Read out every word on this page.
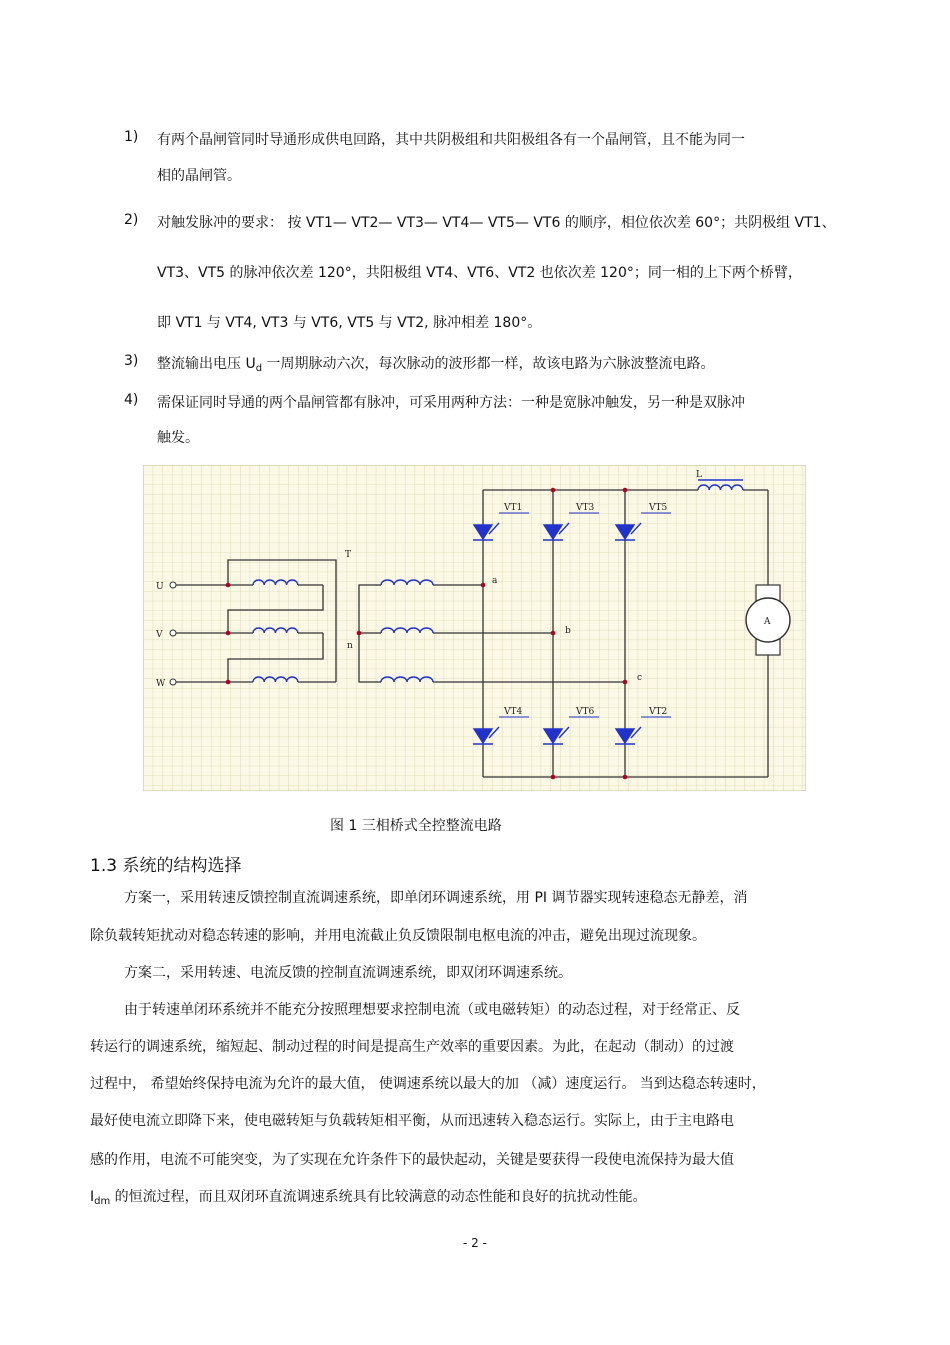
1) 有两个晶闸管同时导通形成供电回路，其中共阴极组和共阳极组各有一个晶闸管，且不能为同一
相的晶闸管。
2) 对触发脉冲的要求： 按 VT1— VT2— VT3— VT4— VT5— VT6 的顺序，相位依次差 60°；共阴极组 VT1、
VT3、VT5 的脉冲依次差 120°，共阳极组 VT4、VT6、VT2 也依次差 120°；同一相的上下两个桥臂，
即 VT1 与 VT4, VT3 与 VT6, VT5 与 VT2, 脉冲相差 180°。
3) 整流输出电压 $U_d$ 一周期脉动六次，每次脉动的波形都一样，故该电路为六脉波整流电路。
4) 需保证同时导通的两个晶闸管都有脉冲，可采用两种方法：一种是宽脉冲触发，另一种是双脉冲
触发。
L
T
n
U
V
W
a
b
c
VT1	VT3	VT5
VT4	VT6	VT2
A
图 1 三相桥式全控整流电路
1.3 系统的结构选择
方案一，采用转速反馈控制直流调速系统，即单闭环调速系统，用 PI 调节器实现转速稳态无静差，消
除负载转矩扰动对稳态转速的影响，并用电流截止负反馈限制电枢电流的冲击，避免出现过流现象。
方案二，采用转速、电流反馈的控制直流调速系统，即双闭环调速系统。
由于转速单闭环系统并不能充分按照理想要求控制电流（或电磁转矩）的动态过程，对于经常正、反
转运行的调速系统，缩短起、制动过程的时间是提高生产效率的重要因素。为此，在起动（制动）的过渡
过程中， 希望始终保持电流为允许的最大值， 使调速系统以最大的加 （减）速度运行。 当到达稳态转速时，
最好使电流立即降下来，使电磁转矩与负载转矩相平衡，从而迅速转入稳态运行。实际上，由于主电路电
感的作用，电流不可能突变，为了实现在允许条件下的最快起动，关键是要获得一段使电流保持为最大值
$I_{dm}$ 的恒流过程，而且双闭环直流调速系统具有比较满意的动态性能和良好的抗扰动性能。
- 2 -
